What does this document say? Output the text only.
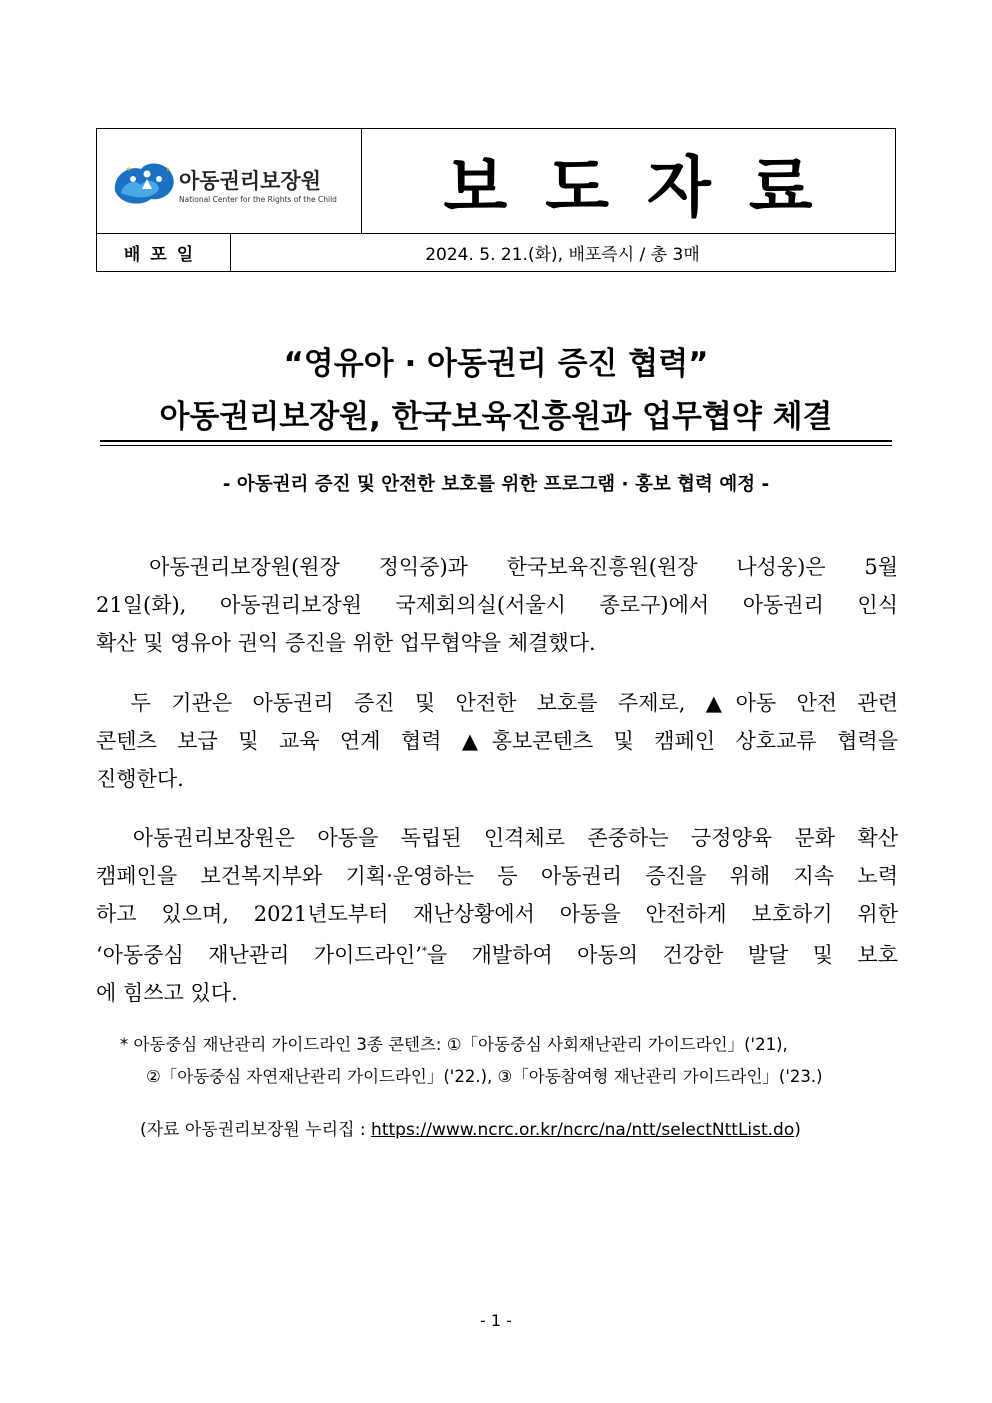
아동권리보장원
National Center for the Rights of the Child 보도자료
배포일	2024. 5. 21.(화), 배포즉시 / 총 3매
“영유아 · 아동권리 증진 협력”
아동권리보장원, 한국보육진흥원과 업무협약 체결
- 아동권리 증진 및 안전한 보호를 위한 프로그램 · 홍보 협력 예정 -
　아동권리보장원(원장 정익중)과 한국보육진흥원(원장 나성웅)은 5월
21일(화), 아동권리보장원 국제회의실(서울시 종로구)에서 아동권리 인식
확산 및 영유아 권익 증진을 위한 업무협약을 체결했다.
　두 기관은 아동권리 증진 및 안전한 보호를 주제로, ▲아동 안전 관련
콘텐츠 보급 및 교육 연계 협력 ▲홍보콘텐츠 및 캠페인 상호교류 협력을
진행한다.
　아동권리보장원은 아동을 독립된 인격체로 존중하는 긍정양육 문화 확산
캠페인을 보건복지부와 기획·운영하는 등 아동권리 증진을 위해 지속 노력
하고 있으며, 2021년도부터 재난상황에서 아동을 안전하게 보호하기 위한
‘아동중심 재난관리 가이드라인’*을 개발하여 아동의 건강한 발달 및 보호
에 힘쓰고 있다.
* 아동중심 재난관리 가이드라인 3종 콘텐츠: ①「아동중심 사회재난관리 가이드라인」('21),
②「아동중심 자연재난관리 가이드라인」('22.), ③「아동참여형 재난관리 가이드라인」('23.)
(자료 아동권리보장원 누리집 : https://www.ncrc.or.kr/ncrc/na/ntt/selectNttList.do)
- 1 -
